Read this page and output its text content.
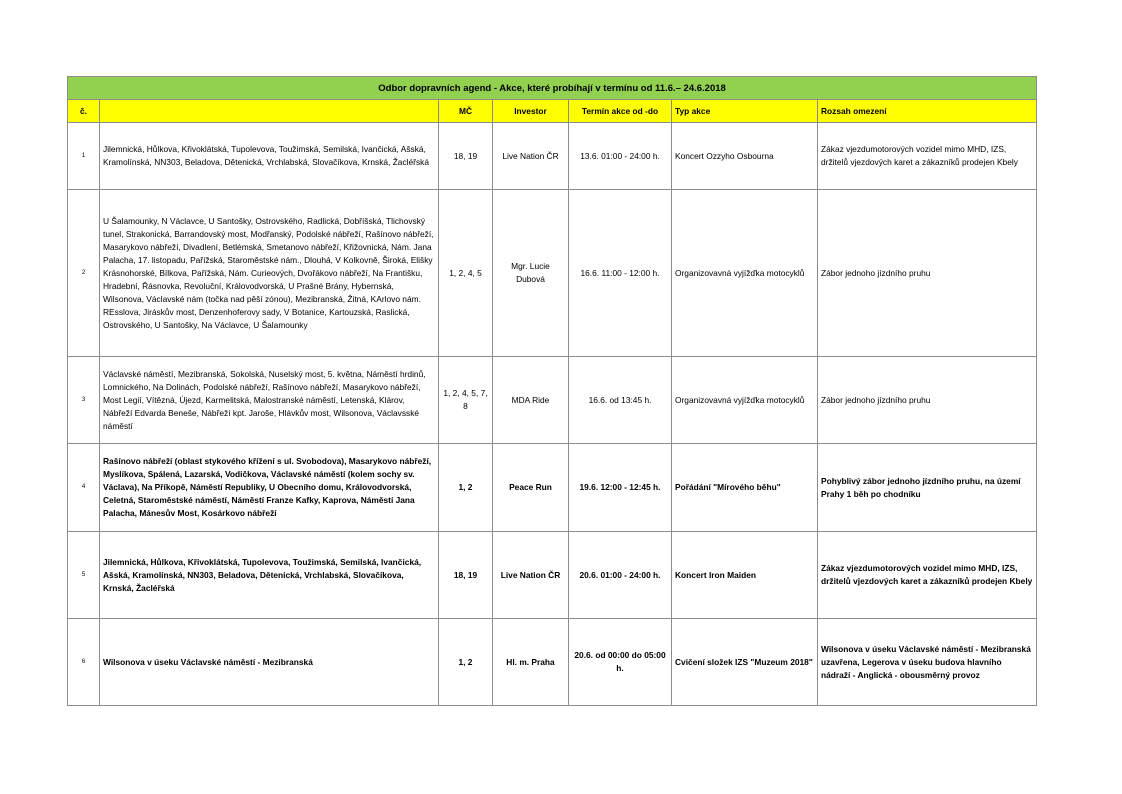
Odbor dopravních agend - Akce, které probíhají v termínu od 11.6.– 24.6.2018						
č.		MČ	Investor	Termín akce od -do	Typ akce	Rozsah omezení
1	Jilemnická, Hůlkova, Křivoklátská, Tupolevova, Toužimská, Semilská, Ivančická, Ašská, Kramolínská, NN303, Beladova, Dětenická, Vrchlabská, Slovačíkova, Krnská, Žacléřská	18, 19	Live Nation ČR	13.6. 01:00 - 24:00 h.	Koncert Ozzyho Osbourna	Zákaz vjezdumotorových vozidel mimo MHD, IZS, držitelů vjezdových karet a zákazníků prodejen Kbely
2	U Šalamounky, N Václavce, U Santošky, Ostrovského, Radlická, Dobříšská, Tlichovský tunel, Strakonická, Barrandovský most, Modřanský, Podolské nábřeží, Rašínovo nábřeží, Masarykovo nábřeží, Divadlení, Betlémská, Smetanovo nábřeží, Křižovnická, Nám. Jana Palacha, 17. listopadu, Pařížská, Staroměstské nám., Dlouhá, V Kolkovně, Široká, Elišky Krásnohorské, Bílkova, Pařížská, Nám. Curieových, Dvořákovo nábřeží, Na Františku, Hradební, Řásnovka, Revoluční, Královodvorská, U Prašné Brány, Hybernská, Wilsonova, Václavské nám (točka nad pěší zónou), Mezibranská, Žitná, KArlovo nám. REsslova, Jiráskův most, Denzenhoferovy sady, V Botanice, Kartouzská, Raslická, Ostrovského, U Santošky, Na Václavce, U Šalamounky	1, 2, 4, 5	Mgr. Lucie Dubová	16.6. 11:00 - 12:00 h.	Organizovavná vyjížďka motocyklů	Zábor jednoho jízdního pruhu
3	Václavské náměstí, Mezibranská, Sokolská, Nuselský most, 5. května, Náměstí hrdinů, Lomnického, Na Dolinách, Podolské nábřeží, Rašínovo nábřeží, Masarykovo nábřeží, Most Legií, Vítězná, Újezd, Karmelitská, Malostranské náměstí, Letenská, Klárov, Nábřeží Edvarda Beneše, Nábřeží kpt. Jaroše, Hlávkův most, Wilsonova, Václavsské náměstí	1, 2, 4, 5, 7, 8	MDA Ride	16.6. od 13:45 h.	Organizovavná vyjížďka motocyklů	Zábor jednoho jízdního pruhu
4	Rašínovo nábřeží (oblast stykového křížení s ul. Svobodova), Masarykovo nábřeží, Myslíkova, Spálená, Lazarská, Vodičkova, Václavské náměstí (kolem sochy sv. Václava), Na Příkopě, Náměstí Republiky, U Obecního domu, Královodvorská, Celetná, Staroměstské náměstí, Náměstí Franze Kafky, Kaprova, Náměstí Jana Palacha, Mánesův Most, Kosárkovo nábřeží	1, 2	Peace Run	19.6. 12:00 - 12:45 h.	Pořádání "Mírového běhu"	Pohyblivý zábor jednoho jízdního pruhu, na území Prahy 1 běh po chodníku
5	Jilemnická, Hůlkova, Křivoklátská, Tupolevova, Toužimská, Semilská, Ivančická, Ašská, Kramolínská, NN303, Beladova, Dětenická, Vrchlabská, Slovačíkova, Krnská, Žacléřská	18, 19	Live Nation ČR	20.6. 01:00 - 24:00 h.	Koncert Iron Maiden	Zákaz vjezdumotorových vozidel mimo MHD, IZS, držitelů vjezdových karet a zákazníků prodejen Kbely
6	Wilsonova v úseku Václavské náměstí - Mezibranská	1, 2	Hl. m. Praha	20.6. od 00:00 do 05:00 h.	Cvičení složek IZS "Muzeum 2018"	Wilsonova v úseku Václavské náměstí - Mezibranská uzavřena, Legerova v úseku budova hlavního nádraží - Anglická - obousměrný provoz
